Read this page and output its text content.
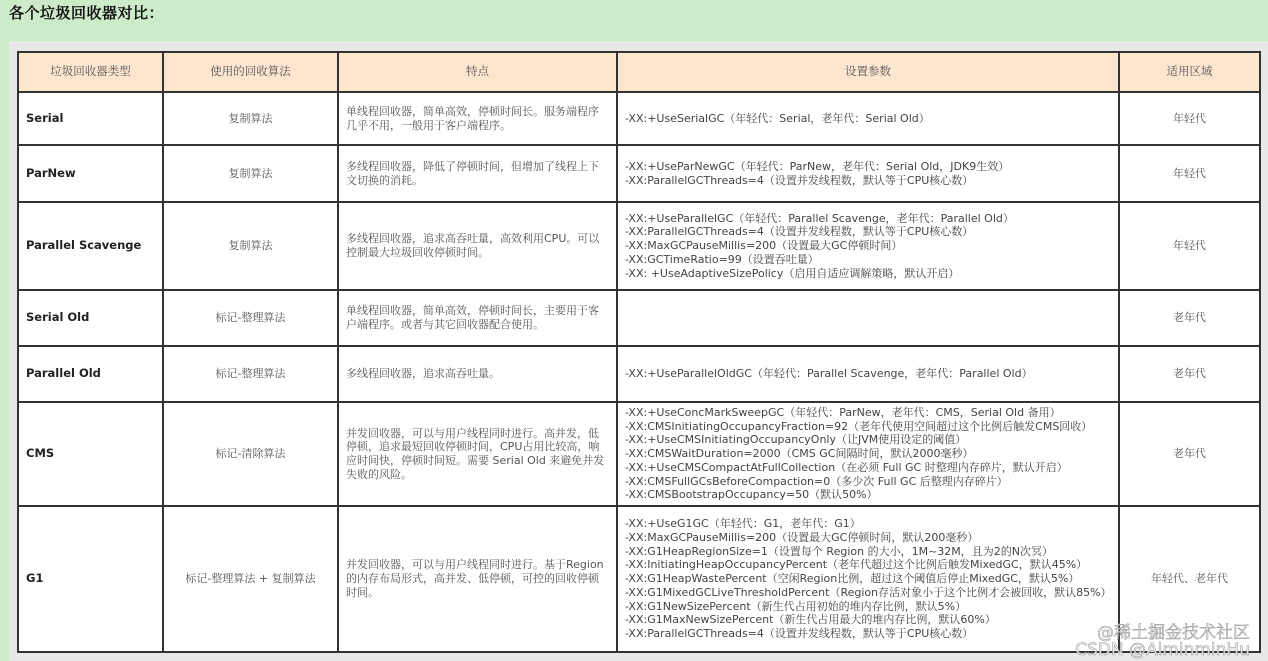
各个垃圾回收器对比：
垃圾回收器类型	使用的回收算法	特点	设置参数	适用区域
Serial	复制算法	单线程回收器，简单高效，停顿时间长。服务端程序几乎不用，一般用于客户端程序。	-XX:+UseSerialGC（年轻代：Serial，老年代：Serial Old）	年轻代
ParNew	复制算法	多线程回收器，降低了停顿时间，但增加了线程上下文切换的消耗。	-XX:+UseParNewGC（年轻代：ParNew，老年代：Serial Old，JDK9生效）
-XX:ParallelGCThreads=4（设置并发线程数，默认等于CPU核心数）	年轻代
Parallel Scavenge	复制算法	多线程回收器，追求高吞吐量，高效利用CPU。可以控制最大垃圾回收停顿时间。	-XX:+UseParallelGC（年轻代：Parallel Scavenge，老年代：Parallel Old）
-XX:ParallelGCThreads=4（设置并发线程数，默认等于CPU核心数）
-XX:MaxGCPauseMillis=200（设置最大GC停顿时间）
-XX:GCTimeRatio=99（设置吞吐量）
-XX: +UseAdaptiveSizePolicy（启用自适应调解策略，默认开启）	年轻代
Serial Old	标记-整理算法	单线程回收器，简单高效，停顿时间长，主要用于客户端程序。或者与其它回收器配合使用。		老年代
Parallel Old	标记-整理算法	多线程回收器，追求高吞吐量。	-XX:+UseParallelOldGC（年轻代：Parallel Scavenge，老年代：Parallel Old）	老年代
CMS	标记-清除算法	并发回收器，可以与用户线程同时进行。高并发，低停顿，追求最短回收停顿时间，CPU占用比较高，响应时间快，停顿时间短。需要 Serial Old 来避免并发失败的风险。	
-XX:+UseConcMarkSweepGC（年轻代：ParNew，老年代：CMS，Serial Old 备用）
-XX:CMSInitiatingOccupancyFraction=92（老年代使用空间超过这个比例后触发CMS回收）
-XX:+UseCMSInitiatingOccupancyOnly（让JVM使用设定的阈值）
-XX:CMSWaitDuration=2000（CMS GC间隔时间，默认2000毫秒）
-XX:+UseCMSCompactAtFullCollection（在必须 Full GC 时整理内存碎片，默认开启）
-XX:CMSFullGCsBeforeCompaction=0（多少次 Full GC 后整理内存碎片）
-XX:CMSBootstrapOccupancy=50（默认50%）
	老年代
G1	标记-整理算法 + 复制算法	并发回收器，可以与用户线程同时进行。基于Region的内存布局形式，高并发、低停顿，可控的回收停顿时间。	
-XX:+UseG1GC（年轻代：G1，老年代：G1）
-XX:MaxGCPauseMillis=200（设置最大GC停顿时间，默认200毫秒）
-XX:G1HeapRegionSize=1（设置每个 Region 的大小，1M~32M，且为2的N次冥）
-XX:InitiatingHeapOccupancyPercent（老年代超过这个比例后触发MixedGC，默认45%）
-XX:G1HeapWastePercent（空闲Region比例，超过这个阈值后停止MixedGC，默认5%）
-XX:G1MixedGCLiveThresholdPercent（Region存活对象小于这个比例才会被回收，默认85%）
-XX:G1NewSizePercent（新生代占用初始的堆内存比例，默认5%）
-XX:G1MaxNewSizePercent（新生代占用最大的堆内存比例，默认60%）
-XX:ParallelGCThreads=4（设置并发线程数，默认等于CPU核心数）
	年轻代、老年代
@稀土掘金技术社区
CSDN @AlminminHu
